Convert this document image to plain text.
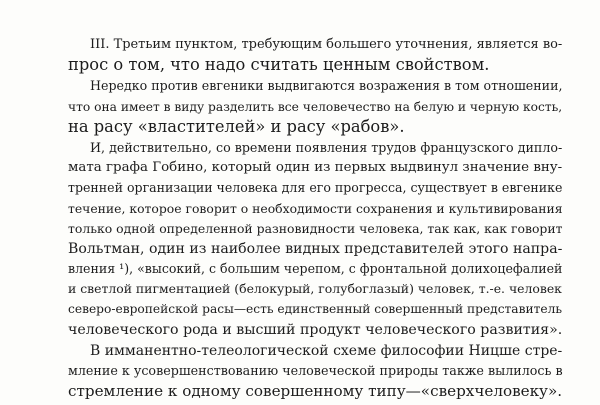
III. Третьим пунктом, требующим большего уточнения, является во-
прос о том, что надо считать ценным свойством.
Нередко против евгеники выдвигаются возражения в том отношении,
что она имеет в виду разделить все человечество на белую и черную кость,
на расу «властителей» и расу «рабов».
И, действительно, со времени появления трудов французского дипло-
мата графа Гобино, который один из первых выдвинул значение вну-
тренней организации человека для его прогресса, существует в евгенике
течение, которое говорит о необходимости сохранения и культивирования
только одной определенной разновидности человека, так как, как говорит
Вольтман, один из наиболее видных представителей этого напра-
вления ¹), «высокий, с большим черепом, с фронтальной долихоцефалией
и светлой пигментацией (белокурый, голубоглазый) человек, т.-е. человек
северо-европейской расы—есть единственный совершенный представитель
человеческого рода и высший продукт человеческого развития».
В имманентно-телеологической схеме философии Ницше стре-
мление к усовершенствованию человеческой природы также вылилось в
стремление к одному совершенному типу—«сверхчеловеку».
